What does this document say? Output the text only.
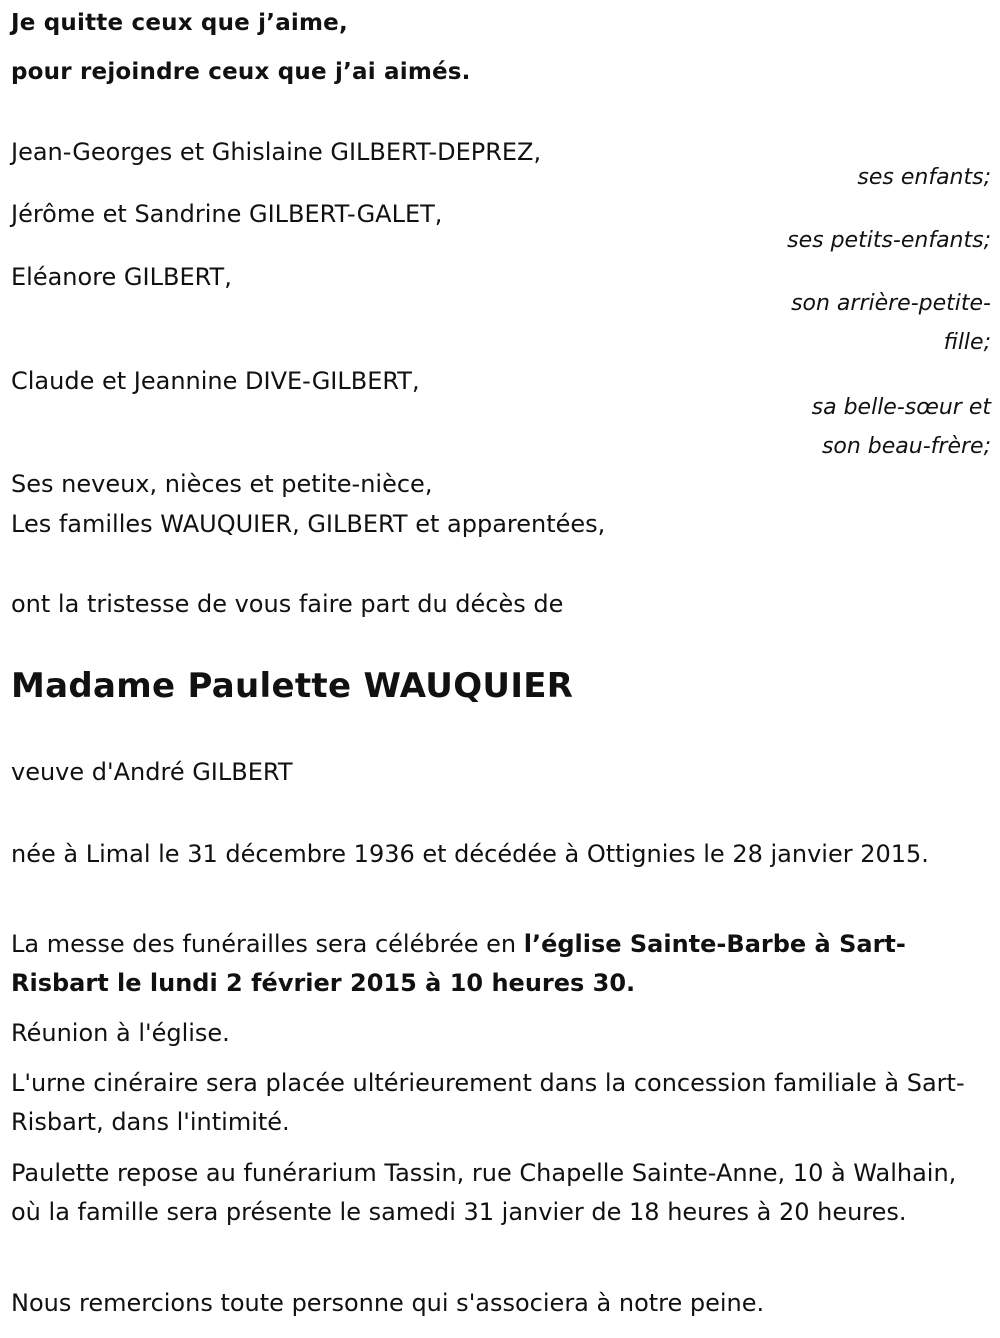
Je quitte ceux que j’aime,
pour rejoindre ceux que j’ai aimés.
Jean-Georges et Ghislaine GILBERT-DEPREZ,
ses enfants;
Jérôme et Sandrine GILBERT-GALET,
ses petits-enfants;
Eléanore GILBERT,
son arrière-petite-
fille;
Claude et Jeannine DIVE-GILBERT,
sa belle-sœur et
son beau-frère;
Ses neveux, nièces et petite-nièce,
Les familles WAUQUIER, GILBERT et apparentées,
ont la tristesse de vous faire part du décès de
Madame Paulette WAUQUIER
veuve d'André GILBERT
née à Limal le 31 décembre 1936 et décédée à Ottignies le 28 janvier 2015.
La messe des funérailles sera célébrée en l’église Sainte-Barbe à Sart-Risbart le lundi 2 février 2015 à 10 heures 30.
Réunion à l'église.
L'urne cinéraire sera placée ultérieurement dans la concession familiale à Sart-Risbart, dans l'intimité.
Paulette repose au funérarium Tassin, rue Chapelle Sainte-Anne, 10 à Walhain, où la famille sera présente le samedi 31 janvier de 18 heures à 20 heures.
Nous remercions toute personne qui s'associera à notre peine.
